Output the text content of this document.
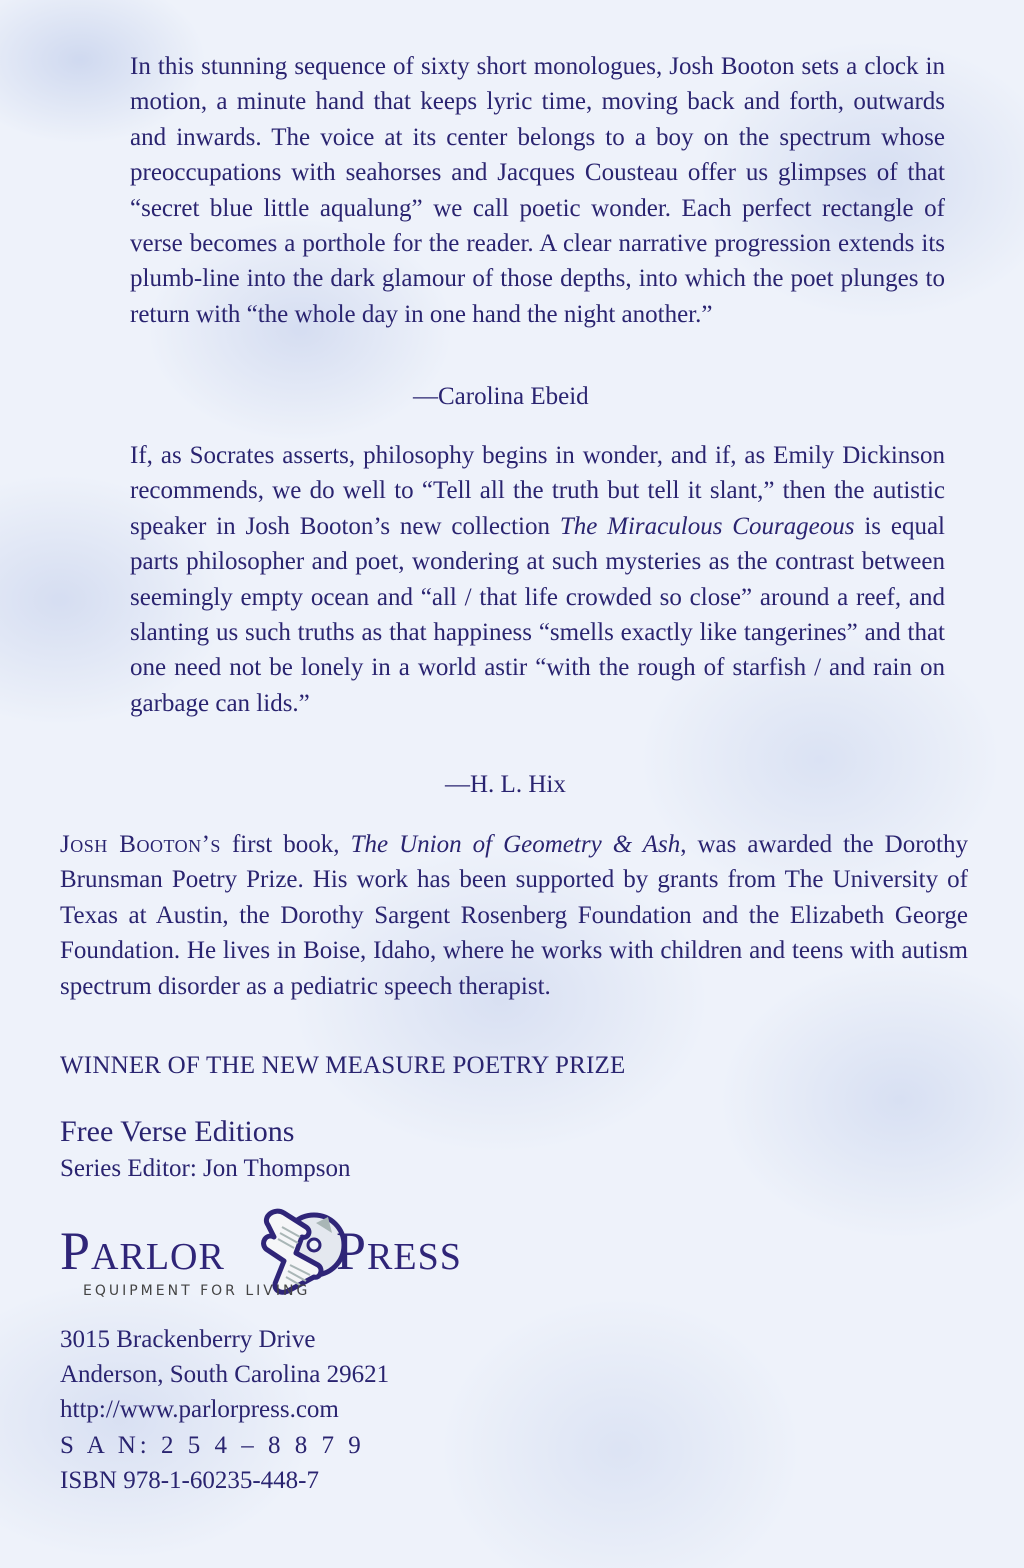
In this stunning sequence of sixty short monologues, Josh Booton sets a clock in motion, a minute hand that keeps lyric time, moving back and forth, outwards and inwards. The voice at its center belongs to a boy on the spectrum whose preoccupations with seahorses and Jacques Cousteau offer us glimpses of that “secret blue little aqualung” we call poetic wonder. Each perfect rectangle of verse becomes a porthole for the reader. A clear narrative progression extends its plumb-line into the dark glamour of those depths, into which the poet plunges to return with “the whole day in one hand the night another.”
—Carolina Ebeid
If, as Socrates asserts, philosophy begins in wonder, and if, as Emily Dickinson recommends, we do well to “Tell all the truth but tell it slant,” then the autistic speaker in Josh Booton’s new collection The Miraculous Courageous is equal parts philosopher and poet, wondering at such mysteries as the contrast between seemingly empty ocean and “all / that life crowded so close” around a reef, and slanting us such truths as that happiness “smells exactly like tangerines” and that one need not be lonely in a world astir “with the rough of starfish / and rain on garbage can lids.”
—H. L. Hix
Josh Booton’s first book, The Union of Geometry & Ash, was awarded the Dorothy Brunsman Poetry Prize. His work has been supported by grants from The University of Texas at Austin, the Dorothy Sargent Rosenberg Foundation and the Elizabeth George Foundation. He lives in Boise, Idaho, where he works with children and teens with autism spectrum disorder as a pediatric speech therapist.
WINNER OF THE NEW MEASURE POETRY PRIZE
Free Verse Editions
Series Editor: Jon Thompson
Parlor Press
EQUIPMENT FOR LIVING
3015 Brackenberry Drive
Anderson, South Carolina 29621
http://www.parlorpress.com
S A N: 2 5 4 – 8 8 7 9
ISBN 978-1-60235-448-7
